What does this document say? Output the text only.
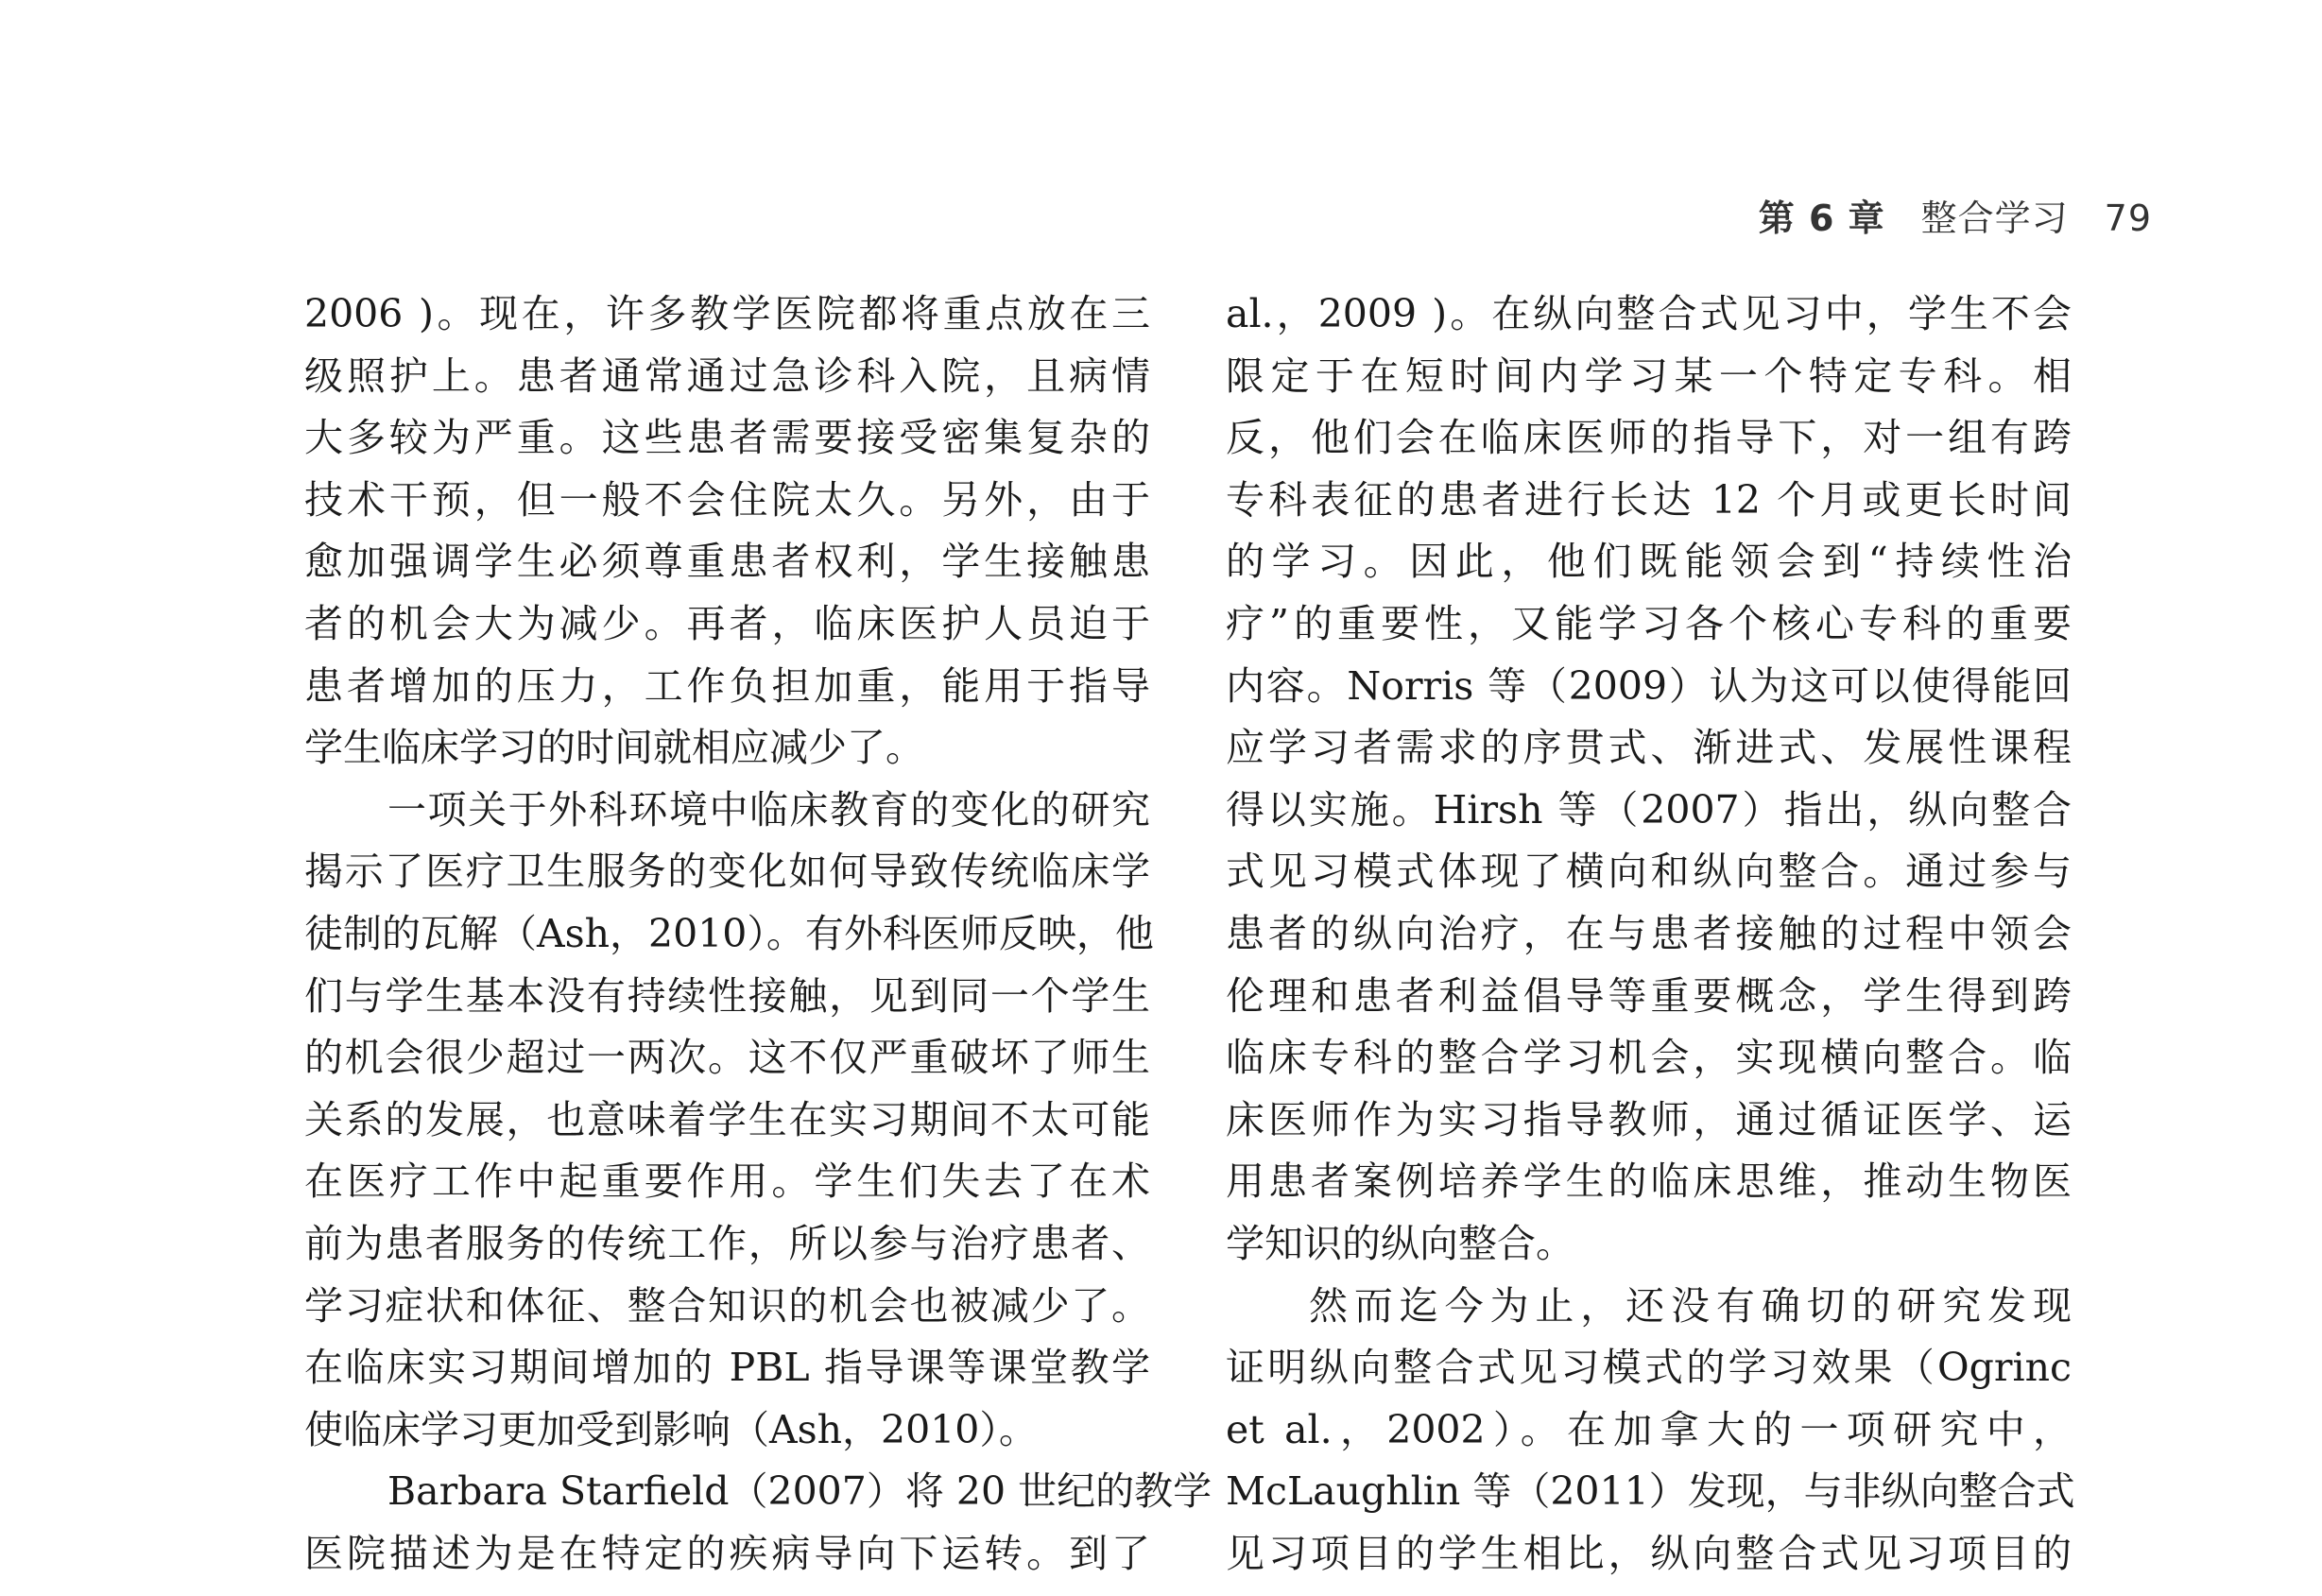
第 6 章 整合学习 79
2006 )。现在，许多教学医院都将重点放在三
级照护上。患者通常通过急诊科入院，且病情
大多较为严重。这些患者需要接受密集复杂的
技术干预，但一般不会住院太久。另外，由于
愈加强调学生必须尊重患者权利，学生接触患
者的机会大为减少。再者，临床医护人员迫于
患者增加的压力，工作负担加重，能用于指导
学生临床学习的时间就相应减少了。
一项关于外科环境中临床教育的变化的研究
揭示了医疗卫生服务的变化如何导致传统临床学
徒制的瓦解（Ash，2010）。有外科医师反映，他
们与学生基本没有持续性接触，见到同一个学生
的机会很少超过一两次。这不仅严重破坏了师生
关系的发展，也意味着学生在实习期间不太可能
在医疗工作中起重要作用。学生们失去了在术
前为患者服务的传统工作，所以参与治疗患者、
学习症状和体征、整合知识的机会也被减少了。
在临床实习期间增加的 PBL 指导课等课堂教学
使临床学习更加受到影响（Ash，2010）。
Barbara Starfield（2007）将 20 世纪的教学
医院描述为是在特定的疾病导向下运转。到了
al.，2009 )。在纵向整合式见习中，学生不会
限定于在短时间内学习某一个特定专科。相
反，他们会在临床医师的指导下，对一组有跨
专科表征的患者进行长达 12 个月或更长时间
的学习。因此，他们既能领会到“持续性治
疗”的重要性，又能学习各个核心专科的重要
内容。Norris 等（2009）认为这可以使得能回
应学习者需求的序贯式、渐进式、发展性课程
得以实施。Hirsh 等（2007）指出，纵向整合
式见习模式体现了横向和纵向整合。通过参与
患者的纵向治疗，在与患者接触的过程中领会
伦理和患者利益倡导等重要概念，学生得到跨
临床专科的整合学习机会，实现横向整合。临
床医师作为实习指导教师，通过循证医学、运
用患者案例培养学生的临床思维，推动生物医
学知识的纵向整合。
然而迄今为止，还没有确切的研究发现
证明纵向整合式见习模式的学习效果（Ogrinc
et al.，2002）。在加拿大的一项研究中，
McLaughlin 等（2011）发现，与非纵向整合式
见习项目的学生相比，纵向整合式见习项目的
